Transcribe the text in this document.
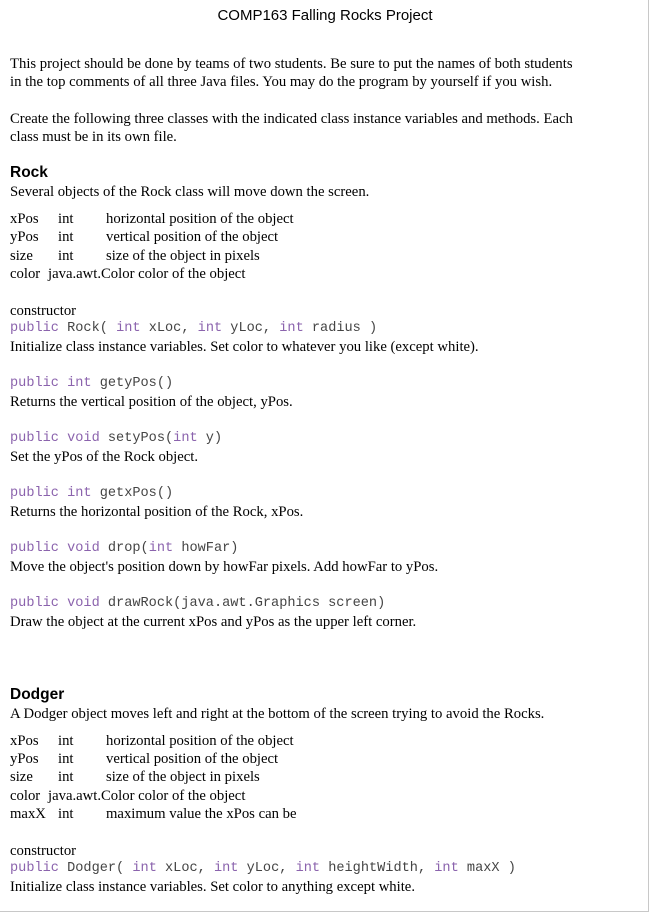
COMP163 Falling Rocks Project
This project should be done by teams of two students. Be sure to put the names of both students
in the top comments of all three Java files. You may do the program by yourself if you wish.
Create the following three classes with the indicated class instance variables and methods. Each
class must be in its own file.
Rock
Several objects of the Rock class will move down the screen.
xPos int horizontal position of the object
yPos int vertical position of the object
size int size of the object in pixels
color java.awt.Color color of the object
constructor
public Rock( int xLoc, int yLoc, int radius )
Initialize class instance variables. Set color to whatever you like (except white).
public int getyPos()
Returns the vertical position of the object, yPos.
public void setyPos(int y)
Set the yPos of the Rock object.
public int getxPos()
Returns the horizontal position of the Rock, xPos.
public void drop(int howFar)
Move the object's position down by howFar pixels. Add howFar to yPos.
public void drawRock(java.awt.Graphics screen)
Draw the object at the current xPos and yPos as the upper left corner.
Dodger
A Dodger object moves left and right at the bottom of the screen trying to avoid the Rocks.
xPos int horizontal position of the object
yPos int vertical position of the object
size int size of the object in pixels
color java.awt.Color color of the object
maxX int maximum value the xPos can be
constructor
public Dodger( int xLoc, int yLoc, int heightWidth, int maxX )
Initialize class instance variables. Set color to anything except white.
